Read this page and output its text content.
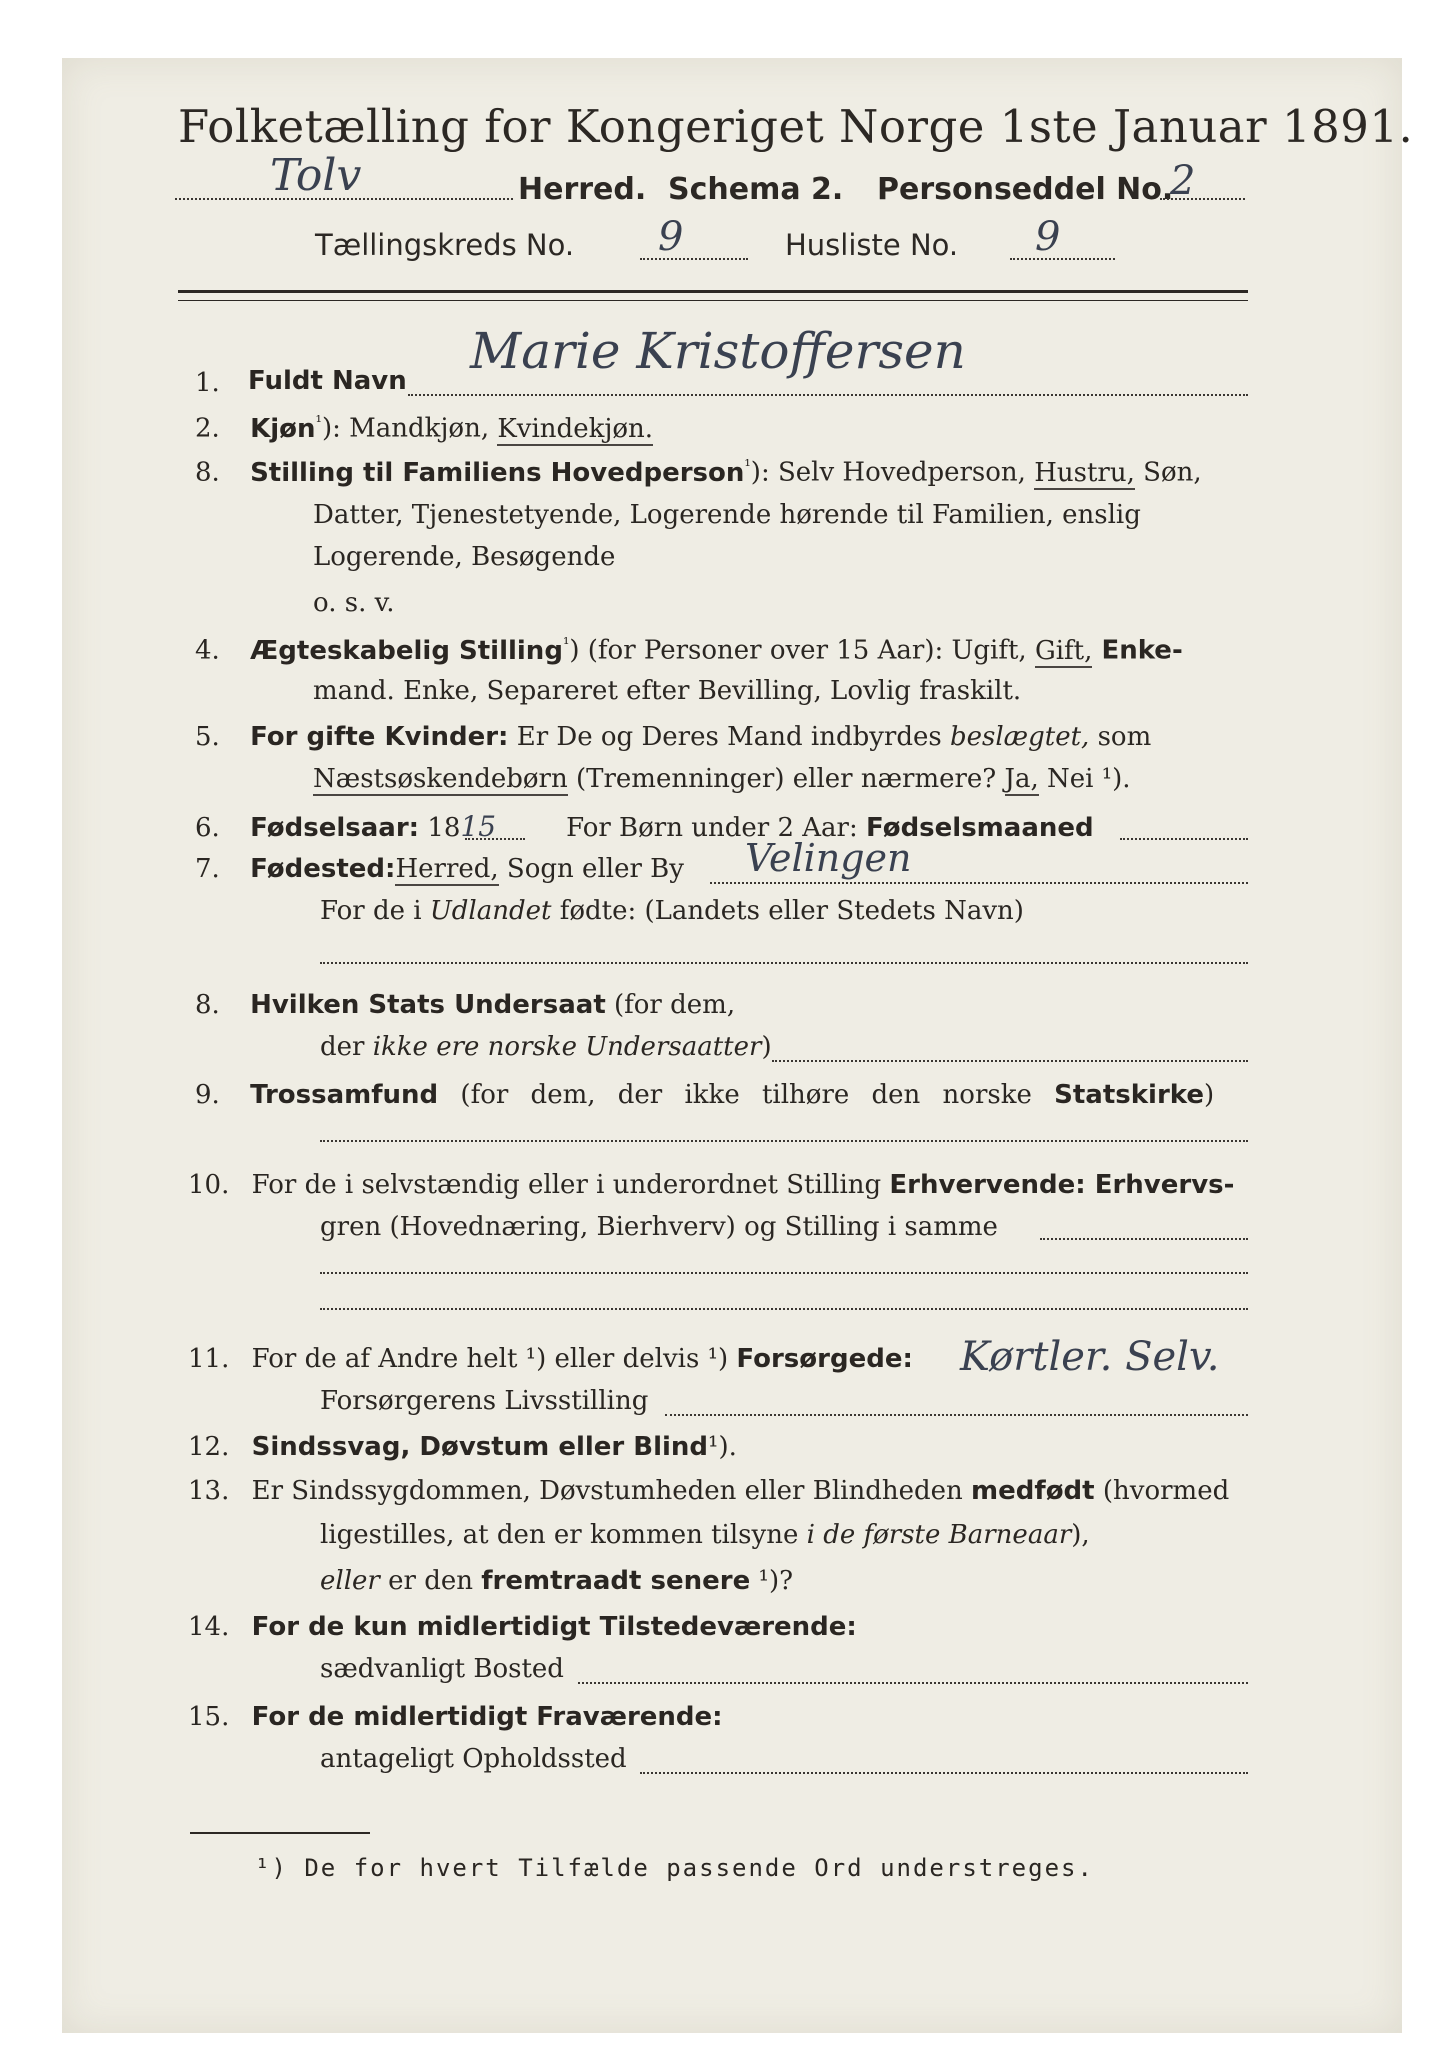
Folketælling for Kongeriget Norge 1ste Januar 1891.
Tolv	Herred. Schema 2. Personseddel No.
2
Tællingskreds No. 9	Husliste No. 9
1. Fuldt Navn
Marie Kristoffersen
2. Kjøn$^{^1}$): Mandkjøn, Kvindekjøn.
8. Stilling til Familiens Hovedperson$^{^1}$): Selv Hovedperson, Hustru, Søn,
Datter, Tjenestetyende, Logerende hørende til Familien, enslig
Logerende, Besøgende
o. s. v.
4. Ægteskabelig Stilling$^{^1}$) (for Personer over 15 Aar): Ugift, Gift, Enke-
mand. Enke, Separeret efter Bevilling, Lovlig fraskilt.
5. For gifte Kvinder: Er De og Deres Mand indbyrdes beslægtet, som
Næstsøskendebørn (Tremenninger) eller nærmere? Ja, Nei ¹).
6. Fødselsaar: 1815	For Børn under 2 Aar: Fødselsmaaned
7. Fødested:Herred, Sogn eller By Velingen
For de i Udlandet fødte: (Landets eller Stedets Navn)
8. Hvilken Stats Undersaat (for dem,
der ikke ere norske Undersaatter)
9. Trossamfund (for dem, der ikke tilhøre den norske Statskirke)
10. For de i selvstændig eller i underordnet Stilling Erhvervende: Erhvervs-
gren (Hovednæring, Bierhverv) og Stilling i samme
11. For de af Andre helt ¹) eller delvis ¹) Forsørgede: Kørtler. Selv.
Forsørgerens Livsstilling
12. Sindssvag, Døvstum eller Blind¹).
13. Er Sindssygdommen, Døvstumheden eller Blindheden medfødt (hvormed
ligestilles, at den er kommen tilsyne i de første Barneaar),
eller er den fremtraadt senere ¹)?
14. For de kun midlertidigt Tilstedeværende:
sædvanligt Bosted
15. For de midlertidigt Fraværende:
antageligt Opholdssted
¹) De for hvert Tilfælde passende Ord understreges.
